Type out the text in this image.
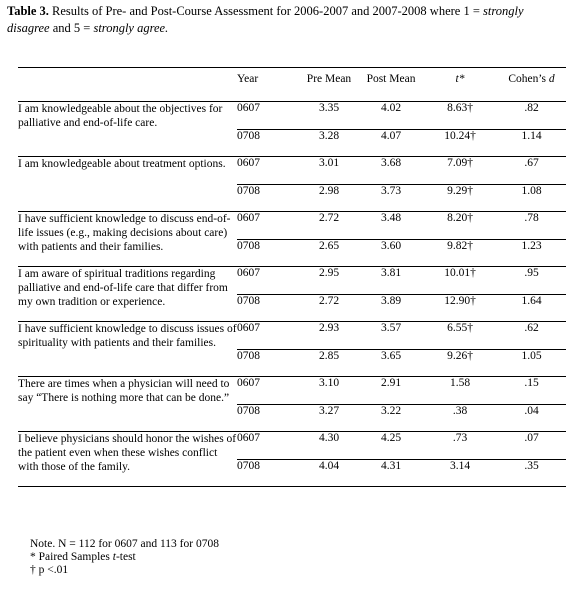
Table 3. Results of Pre- and Post-Course Assessment for 2006-2007 and 2007-2008 where 1 = strongly disagree and 5 = strongly agree.
	Year	Pre Mean	Post Mean	t*	Cohen’s d
I am knowledgeable about the objectives for palliative and end-of-life care.	0607	3.35	4.02	8.63†	.82
	0708	3.28	4.07	10.24†	1.14
I am knowledgeable about treatment options.	0607	3.01	3.68	7.09†	.67
	0708	2.98	3.73	9.29†	1.08
I have sufficient knowledge to discuss end-of-life issues (e.g., making decisions about care) with patients and their families.	0607	2.72	3.48	8.20†	.78
	0708	2.65	3.60	9.82†	1.23
I am aware of spiritual traditions regarding palliative and end-of-life care that differ from my own tradition or experience.	0607	2.95	3.81	10.01†	.95
	0708	2.72	3.89	12.90†	1.64
I have sufficient knowledge to discuss issues of spirituality with patients and their families.	0607	2.93	3.57	6.55†	.62
	0708	2.85	3.65	9.26†	1.05
There are times when a physician will need to say “There is nothing more that can be done.”	0607	3.10	2.91	1.58	.15
	0708	3.27	3.22	.38	.04
I believe physicians should honor the wishes of the patient even when these wishes conflict with those of the family.	0607	4.30	4.25	.73	.07
	0708	4.04	4.31	3.14	.35
Note. N = 112 for 0607 and 113 for 0708
* Paired Samples t-test
† p <.01
